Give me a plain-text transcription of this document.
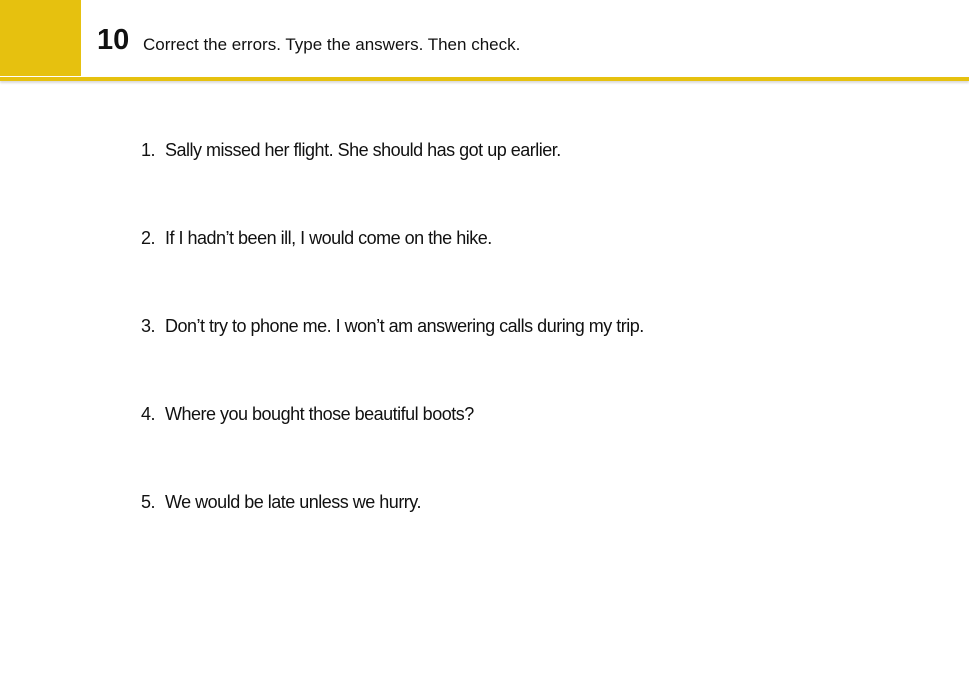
10 Correct the errors. Type the answers. Then check.
1. Sally missed her flight. She should has got up earlier.
2. If I hadn’t been ill, I would come on the hike.
3. Don’t try to phone me. I won’t am answering calls during my trip.
4. Where you bought those beautiful boots?
5. We would be late unless we hurry.
